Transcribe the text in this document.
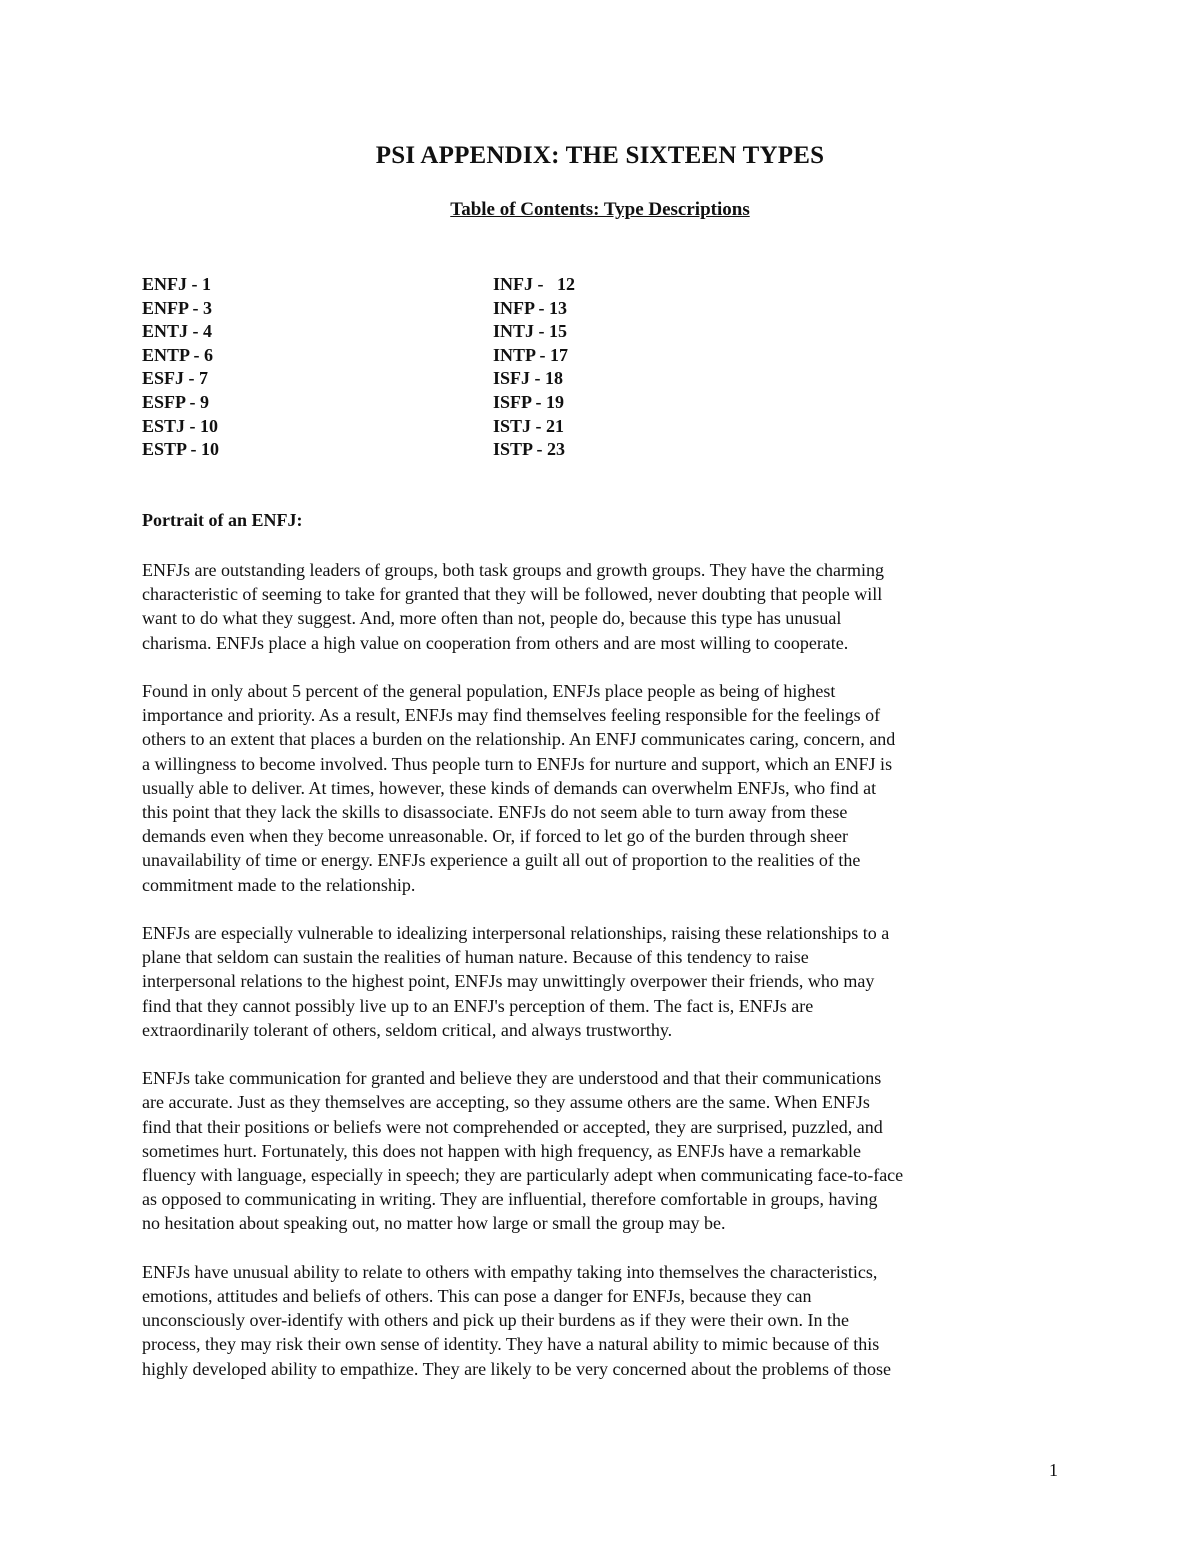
PSI APPENDIX: THE SIXTEEN TYPES
Table of Contents: Type Descriptions
ENFJ - 1
ENFP - 3
ENTJ - 4
ENTP - 6
ESFJ - 7
ESFP - 9
ESTJ - 10
ESTP - 10
INFJ -   12
INFP - 13
INTJ - 15
INTP - 17
ISFJ - 18
ISFP - 19
ISTJ - 21
ISTP - 23
Portrait of an ENFJ:

ENFJs are outstanding leaders of groups, both task groups and growth groups. They have the charming
characteristic of seeming to take for granted that they will be followed, never doubting that people will
want to do what they suggest. And, more often than not, people do, because this type has unusual
charisma. ENFJs place a high value on cooperation from others and are most willing to cooperate.

Found in only about 5 percent of the general population, ENFJs place people as being of highest
importance and priority. As a result, ENFJs may find themselves feeling responsible for the feelings of
others to an extent that places a burden on the relationship. An ENFJ communicates caring, concern, and
a willingness to become involved. Thus people turn to ENFJs for nurture and support, which an ENFJ is
usually able to deliver. At times, however, these kinds of demands can overwhelm ENFJs, who find at
this point that they lack the skills to disassociate. ENFJs do not seem able to turn away from these
demands even when they become unreasonable. Or, if forced to let go of the burden through sheer
unavailability of time or energy. ENFJs experience a guilt all out of proportion to the realities of the
commitment made to the relationship.

ENFJs are especially vulnerable to idealizing interpersonal relationships, raising these relationships to a
plane that seldom can sustain the realities of human nature. Because of this tendency to raise
interpersonal relations to the highest point, ENFJs may unwittingly overpower their friends, who may
find that they cannot possibly live up to an ENFJ's perception of them. The fact is, ENFJs are
extraordinarily tolerant of others, seldom critical, and always trustworthy.

ENFJs take communication for granted and believe they are understood and that their communications
are accurate. Just as they themselves are accepting, so they assume others are the same. When ENFJs
find that their positions or beliefs were not comprehended or accepted, they are surprised, puzzled, and
sometimes hurt. Fortunately, this does not happen with high frequency, as ENFJs have a remarkable
fluency with language, especially in speech; they are particularly adept when communicating face-to-face
as opposed to communicating in writing. They are influential, therefore comfortable in groups, having
no hesitation about speaking out, no matter how large or small the group may be.

ENFJs have unusual ability to relate to others with empathy taking into themselves the characteristics,
emotions, attitudes and beliefs of others. This can pose a danger for ENFJs, because they can
unconsciously over-identify with others and pick up their burdens as if they were their own. In the
process, they may risk their own sense of identity. They have a natural ability to mimic because of this
highly developed ability to empathize. They are likely to be very concerned about the problems of those

1
